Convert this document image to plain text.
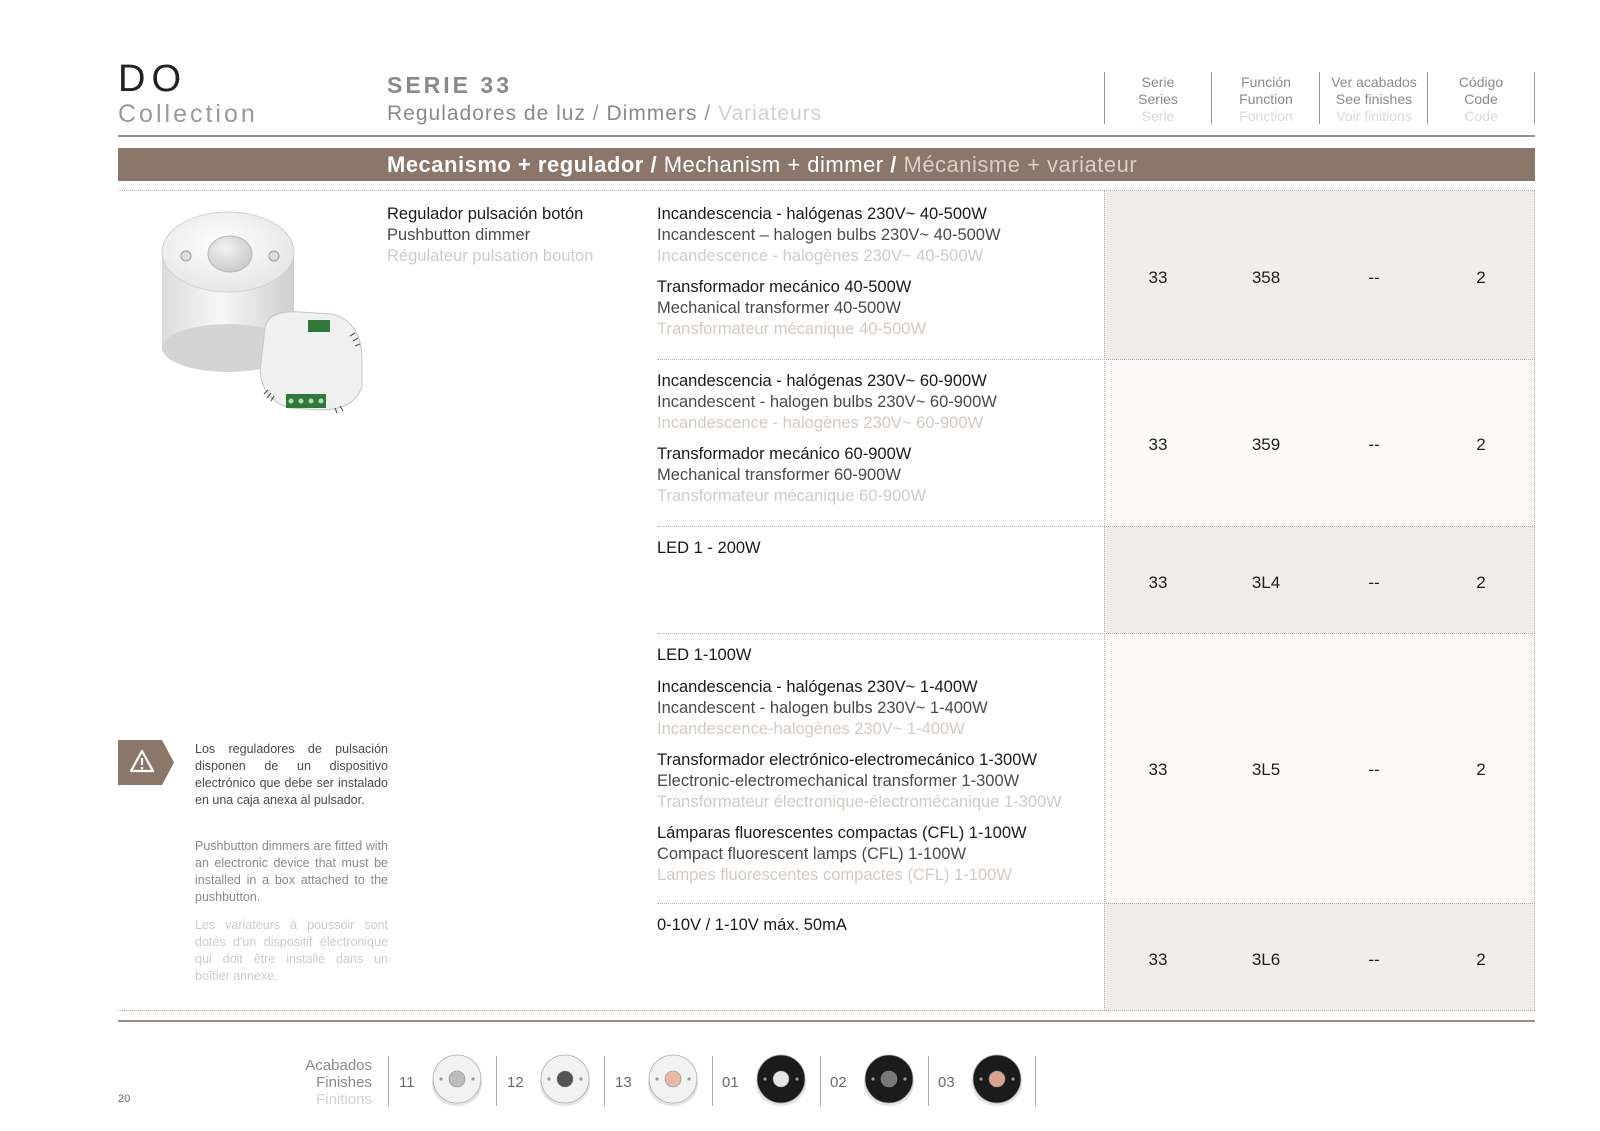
DO
Collection
SERIE 33
Reguladores de luz / Dimmers / Variateurs
Serie
Series
Serie
Función
Function
Fonction
Ver acabados
See finishes
Voir finitions
Código
Code
Code
Mecanismo + regulador / Mechanism + dimmer / Mécanisme + variateur
Regulador pulsación botón
Pushbutton dimmer
Régulateur pulsation bouton
Incandescencia - halógenas 230V~ 40-500W
Incandescent – halogen bulbs 230V~ 40-500W
Incandescence - halogènes 230V~ 40-500W
Transformador mecánico 40-500W
Mechanical transformer 40-500W
Transformateur mécanique 40-500W
33	358	--	2
Incandescencia - halógenas 230V~ 60-900W
Incandescent - halogen bulbs 230V~ 60-900W
Incandescence - halogènes 230V~ 60-900W
Transformador mecánico 60-900W
Mechanical transformer 60-900W
Transformateur mécanique 60-900W
33	359	--	2
LED 1 - 200W
33	3L4	--	2
LED 1-100W
Incandescencia - halógenas 230V~ 1-400W
Incandescent - halogen bulbs 230V~ 1-400W
Incandescence-halogènes 230V~ 1-400W
Transformador electrónico-electromecánico 1-300W
Electronic-electromechanical transformer 1-300W
Transformateur électronique-électromécanique 1-300W
Lámparas fluorescentes compactas (CFL) 1-100W
Compact fluorescent lamps (CFL) 1-100W
Lampes fluorescentes compactes (CFL) 1-100W
33	3L5	--	2
0-10V / 1-10V máx. 50mA
33	3L6	--	2
Los reguladores de pulsación disponen de un dispositivo electrónico que debe ser instalado en una caja anexa al pulsador.
Pushbutton dimmers are fitted with an electronic device that must be installed in a box attached to the pushbutton.
Les variateurs à poussoir sont dotés d'un dispositif électronique qui doit être installé dans un boîtier annexe.
Acabados
Finishes
Finitions
11	12	13	01	02	03
20
